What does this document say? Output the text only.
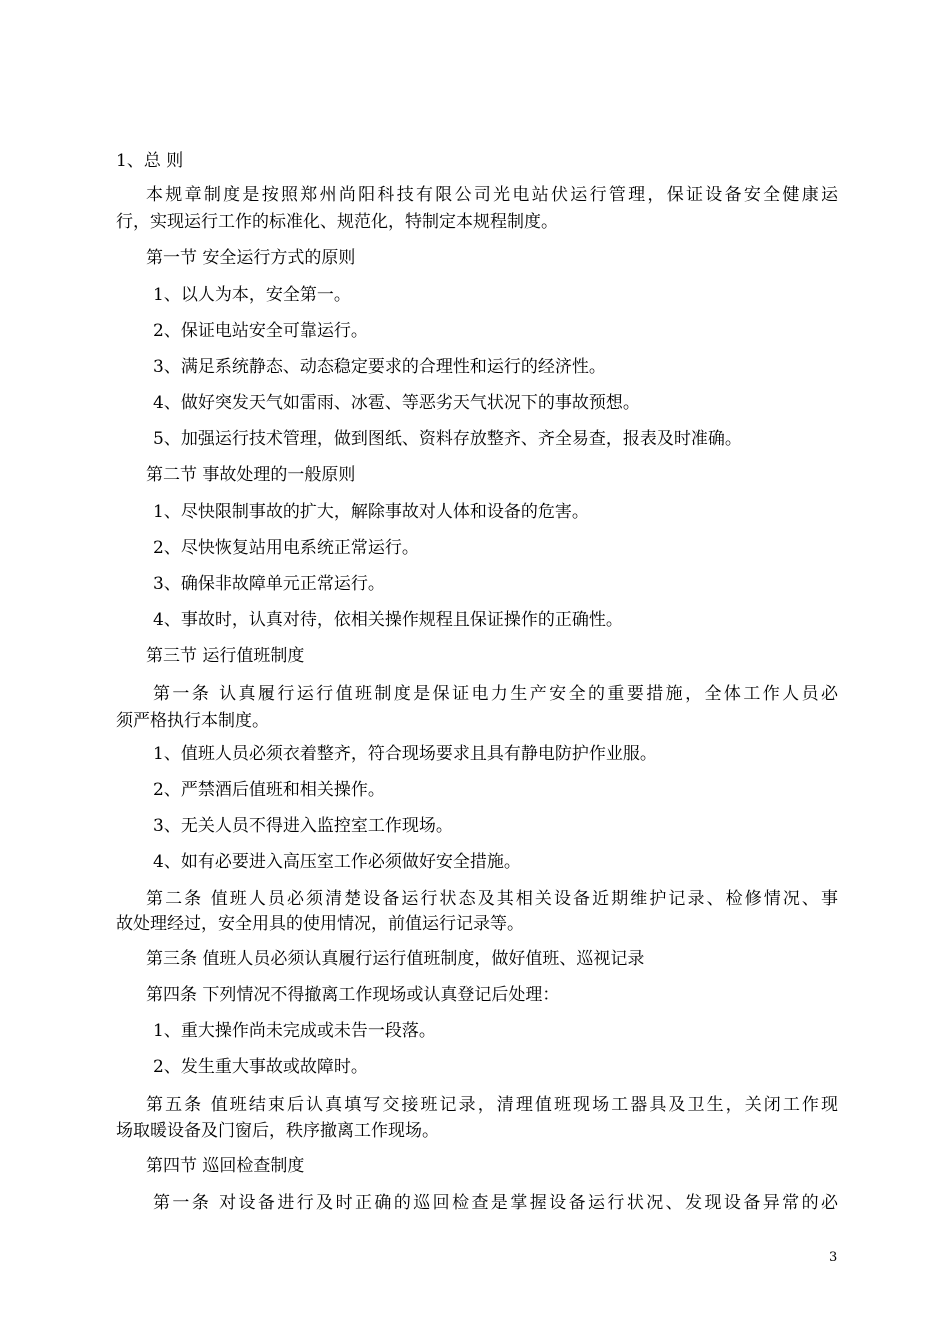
1、总 则
本规章制度是按照郑州尚阳科技有限公司光电站伏运行管理，保证设备安全健康运
行，实现运行工作的标准化、规范化，特制定本规程制度。
第一节 安全运行方式的原则
1、以人为本，安全第一。
2、保证电站安全可靠运行。
3、满足系统静态、动态稳定要求的合理性和运行的经济性。
4、做好突发天气如雷雨、冰雹、等恶劣天气状况下的事故预想。
5、加强运行技术管理，做到图纸、资料存放整齐、齐全易查，报表及时准确。
第二节 事故处理的一般原则
1、尽快限制事故的扩大，解除事故对人体和设备的危害。
2、尽快恢复站用电系统正常运行。
3、确保非故障单元正常运行。
4、事故时，认真对待，依相关操作规程且保证操作的正确性。
第三节 运行值班制度
第一条 认真履行运行值班制度是保证电力生产安全的重要措施，全体工作人员必
须严格执行本制度。
1、值班人员必须衣着整齐，符合现场要求且具有静电防护作业服。
2、严禁酒后值班和相关操作。
3、无关人员不得进入监控室工作现场。
4、如有必要进入高压室工作必须做好安全措施。
第二条 值班人员必须清楚设备运行状态及其相关设备近期维护记录、检修情况、事
故处理经过，安全用具的使用情况，前值运行记录等。
第三条 值班人员必须认真履行运行值班制度，做好值班、巡视记录
第四条 下列情况不得撤离工作现场或认真登记后处理：
1、重大操作尚未完成或未告一段落。
2、发生重大事故或故障时。
第五条 值班结束后认真填写交接班记录，清理值班现场工器具及卫生，关闭工作现
场取暖设备及门窗后，秩序撤离工作现场。
第四节 巡回检查制度
第一条 对设备进行及时正确的巡回检查是掌握设备运行状况、发现设备异常的必
3
